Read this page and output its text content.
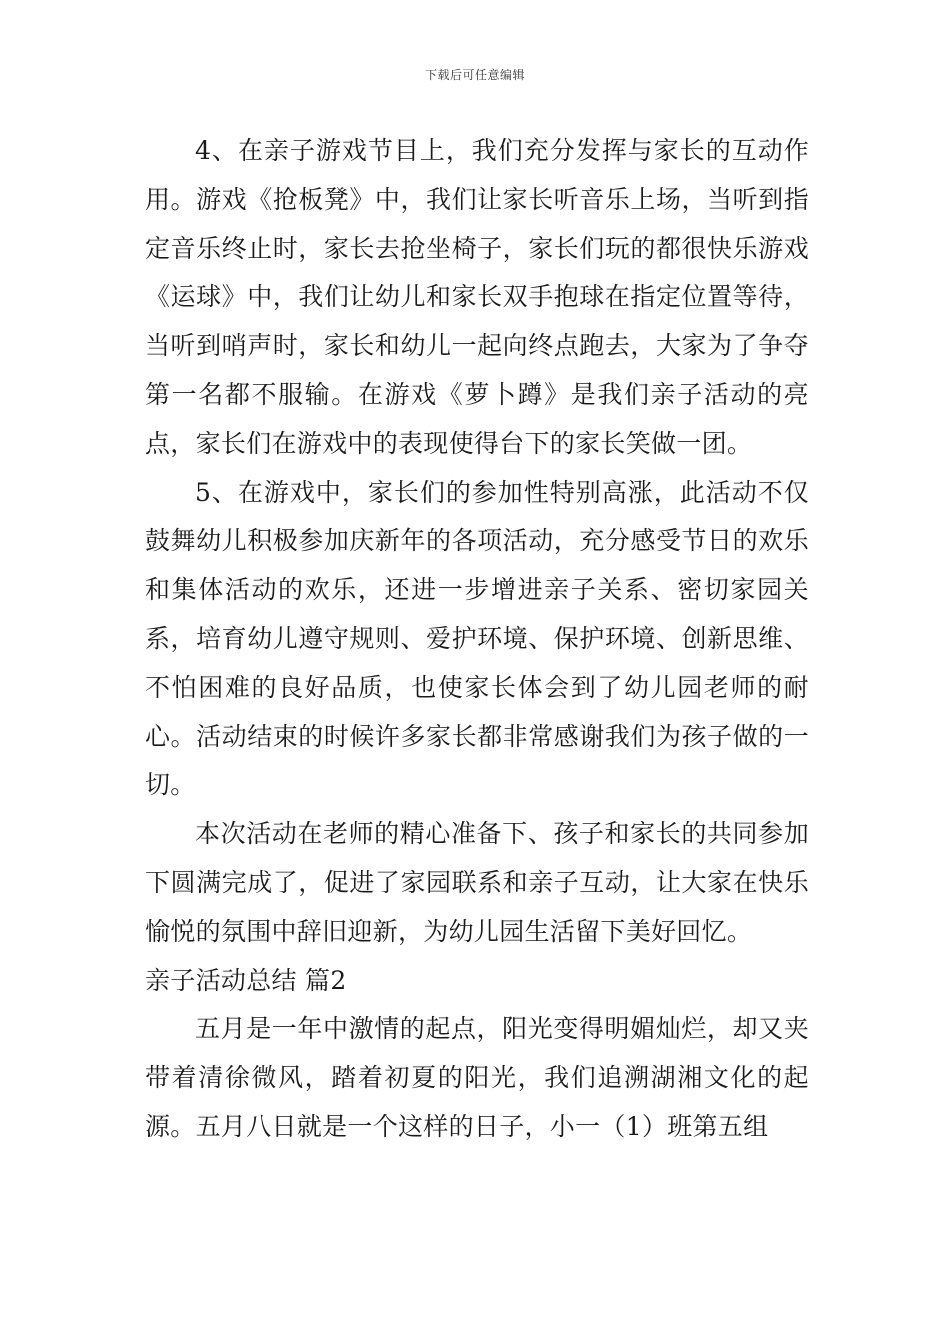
下载后可任意编辑

4、在亲子游戏节目上，我们充分发挥与家长的互动作用。游戏《抢板凳》中，我们让家长听音乐上场，当听到指定音乐终止时，家长去抢坐椅子，家长们玩的都很快乐游戏《运球》中，我们让幼儿和家长双手抱球在指定位置等待，当听到哨声时，家长和幼儿一起向终点跑去，大家为了争夺第一名都不服输。在游戏《萝卜蹲》是我们亲子活动的亮点，家长们在游戏中的表现使得台下的家长笑做一团。

5、在游戏中，家长们的参加性特别高涨，此活动不仅鼓舞幼儿积极参加庆新年的各项活动，充分感受节日的欢乐和集体活动的欢乐，还进一步增进亲子关系、密切家园关系，培育幼儿遵守规则、爱护环境、保护环境、创新思维、不怕困难的良好品质，也使家长体会到了幼儿园老师的耐心。活动结束的时候许多家长都非常感谢我们为孩子做的一切。

本次活动在老师的精心准备下、孩子和家长的共同参加下圆满完成了，促进了家园联系和亲子互动，让大家在快乐愉悦的氛围中辞旧迎新，为幼儿园生活留下美好回忆。

亲子活动总结 篇2

五月是一年中激情的起点，阳光变得明媚灿烂，却又夹带着清徐微风，踏着初夏的阳光，我们追溯湖湘文化的起源。五月八日就是一个这样的日子，小一（1）班第五组
